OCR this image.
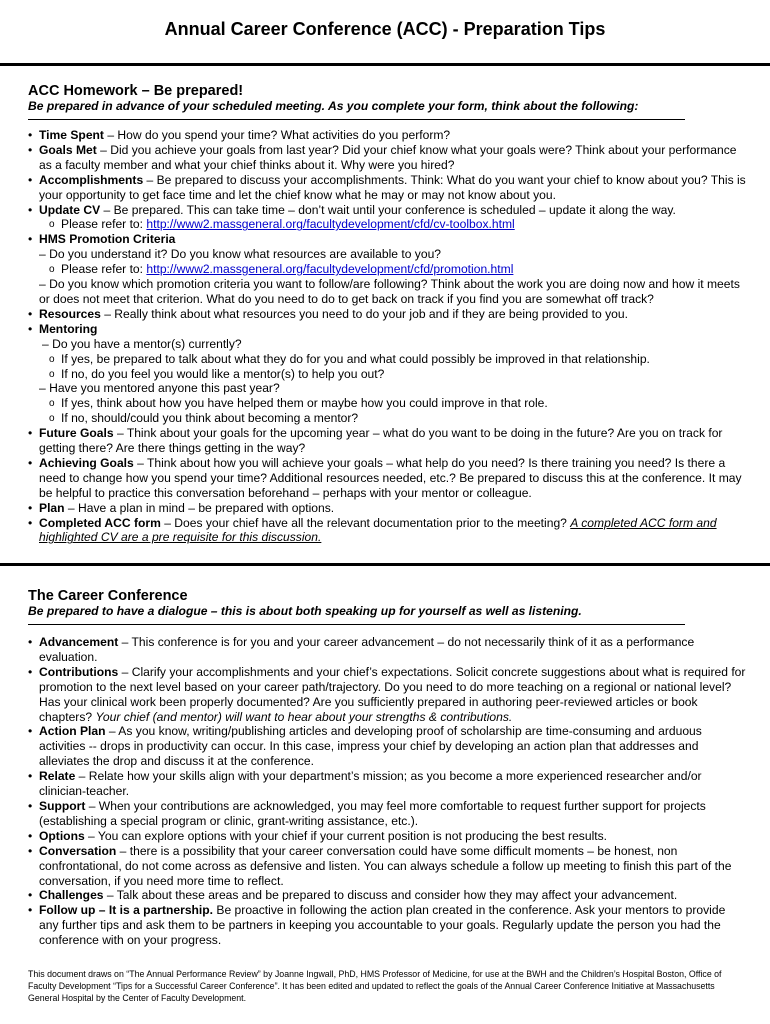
Annual Career Conference (ACC) - Preparation Tips
ACC Homework – Be prepared!
Be prepared in advance of your scheduled meeting. As you complete your form, think about the following:
• Time Spent – How do you spend your time? What activities do you perform?
• Goals Met – Did you achieve your goals from last year? Did your chief know what your goals were? Think about your performance as a faculty member and what your chief thinks about it. Why were you hired?
• Accomplishments – Be prepared to discuss your accomplishments. Think: What do you want your chief to know about you? This is your opportunity to get face time and let the chief know what he may or may not know about you.
• Update CV – Be prepared. This can take time – don’t wait until your conference is scheduled – update it along the way.
o Please refer to: http://www2.massgeneral.org/facultydevelopment/cfd/cv-toolbox.html
• HMS Promotion Criteria
– Do you understand it? Do you know what resources are available to you?
o Please refer to: http://www2.massgeneral.org/facultydevelopment/cfd/promotion.html
– Do you know which promotion criteria you want to follow/are following? Think about the work you are doing now and how it meets or does not meet that criterion. What do you need to do to get back on track if you find you are somewhat off track?
• Resources – Really think about what resources you need to do your job and if they are being provided to you.
• Mentoring
– Do you have a mentor(s) currently?
o If yes, be prepared to talk about what they do for you and what could possibly be improved in that relationship.
o If no, do you feel you would like a mentor(s) to help you out?
– Have you mentored anyone this past year?
o If yes, think about how you have helped them or maybe how you could improve in that role.
o If no, should/could you think about becoming a mentor?
• Future Goals – Think about your goals for the upcoming year – what do you want to be doing in the future? Are you on track for getting there? Are there things getting in the way?
• Achieving Goals – Think about how you will achieve your goals – what help do you need? Is there training you need? Is there a need to change how you spend your time? Additional resources needed, etc.? Be prepared to discuss this at the conference. It may be helpful to practice this conversation beforehand – perhaps with your mentor or colleague.
• Plan – Have a plan in mind – be prepared with options.
• Completed ACC form – Does your chief have all the relevant documentation prior to the meeting? A completed ACC form and highlighted CV are a pre requisite for this discussion.
The Career Conference
Be prepared to have a dialogue – this is about both speaking up for yourself as well as listening.
• Advancement – This conference is for you and your career advancement – do not necessarily think of it as a performance evaluation.
• Contributions – Clarify your accomplishments and your chief’s expectations. Solicit concrete suggestions about what is required for promotion to the next level based on your career path/trajectory. Do you need to do more teaching on a regional or national level? Has your clinical work been properly documented? Are you sufficiently prepared in authoring peer-reviewed articles or book chapters? Your chief (and mentor) will want to hear about your strengths & contributions.
• Action Plan – As you know, writing/publishing articles and developing proof of scholarship are time-consuming and arduous activities -- drops in productivity can occur. In this case, impress your chief by developing an action plan that addresses and alleviates the drop and discuss it at the conference.
• Relate – Relate how your skills align with your department’s mission; as you become a more experienced researcher and/or clinician-teacher.
• Support – When your contributions are acknowledged, you may feel more comfortable to request further support for projects (establishing a special program or clinic, grant-writing assistance, etc.).
• Options – You can explore options with your chief if your current position is not producing the best results.
• Conversation – there is a possibility that your career conversation could have some difficult moments – be honest, non confrontational, do not come across as defensive and listen. You can always schedule a follow up meeting to finish this part of the conversation, if you need more time to reflect.
• Challenges – Talk about these areas and be prepared to discuss and consider how they may affect your advancement.
• Follow up – It is a partnership. Be proactive in following the action plan created in the conference. Ask your mentors to provide any further tips and ask them to be partners in keeping you accountable to your goals. Regularly update the person you had the conference with on your progress.
This document draws on “The Annual Performance Review” by Joanne Ingwall, PhD, HMS Professor of Medicine, for use at the BWH and the Children’s Hospital Boston, Office of Faculty Development “Tips for a Successful Career Conference”. It has been edited and updated to reflect the goals of the Annual Career Conference Initiative at Massachusetts General Hospital by the Center of Faculty Development.
